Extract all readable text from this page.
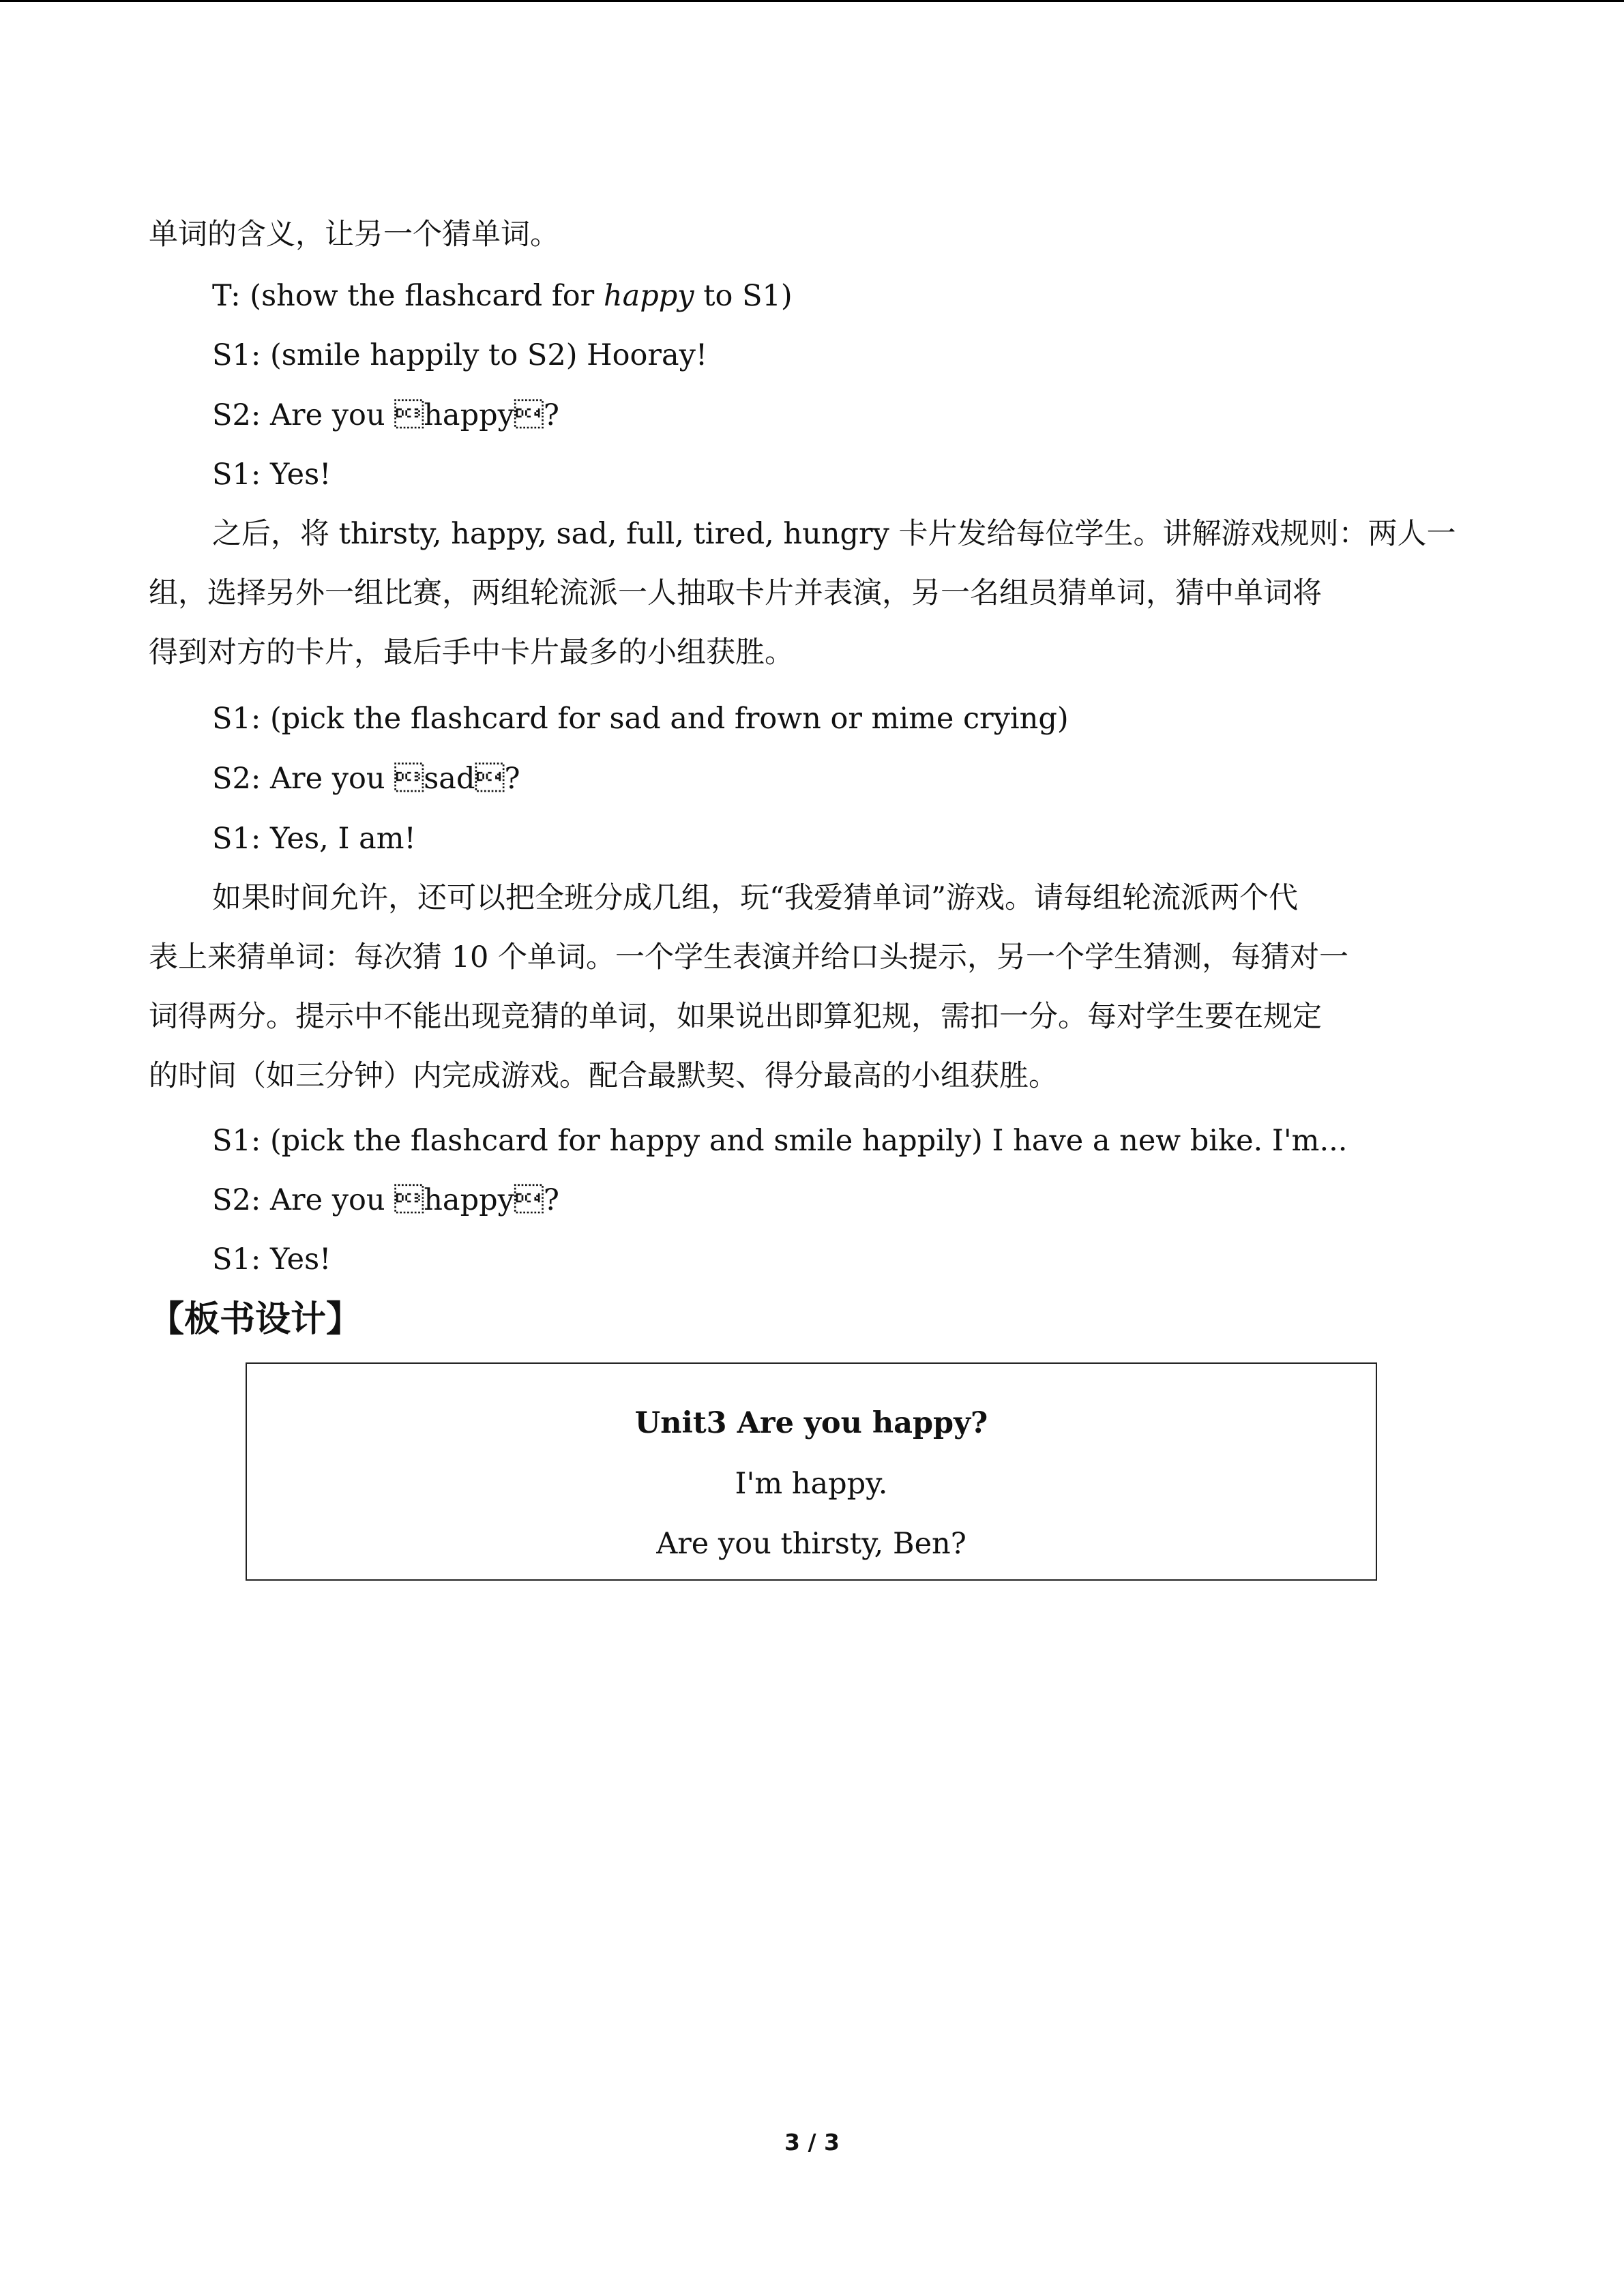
单词的含义，让另一个猜单词。
T: (show the flashcard for happy to S1)
S1: (smile happily to S2) Hooray!
S2: Are you happy?
S1: Yes!
之后，将 thirsty, happy, sad, full, tired, hungry 卡片发给每位学生。讲解游戏规则：两人一
组，选择另外一组比赛，两组轮流派一人抽取卡片并表演，另一名组员猜单词，猜中单词将
得到对方的卡片，最后手中卡片最多的小组获胜。
S1: (pick the flashcard for sad and frown or mime crying)
S2: Are you sad?
S1: Yes, I am!
如果时间允许，还可以把全班分成几组，玩“我爱猜单词”游戏。请每组轮流派两个代
表上来猜单词：每次猜 10 个单词。一个学生表演并给口头提示，另一个学生猜测，每猜对一
词得两分。提示中不能出现竞猜的单词，如果说出即算犯规，需扣一分。每对学生要在规定
的时间（如三分钟）内完成游戏。配合最默契、得分最高的小组获胜。
S1: (pick the flashcard for happy and smile happily) I have a new bike. I'm...
S2: Are you happy?
S1: Yes!
【板书设计】
Unit3 Are you happy?
I'm happy.
Are you thirsty, Ben?
3 / 3
